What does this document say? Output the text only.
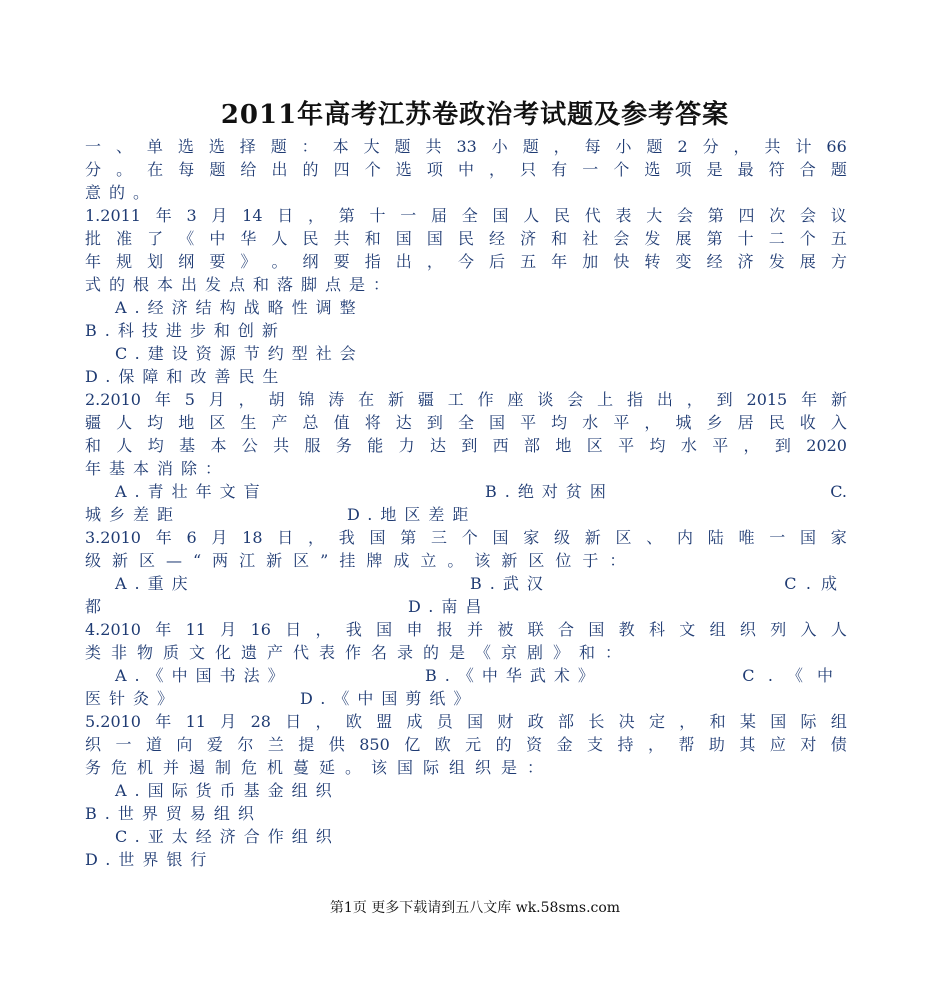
2011年高考江苏卷政治考试题及参考答案
一 、 单 选 选 择 题 ： 本 大 题 共 33 小 题 ， 每 小 题 2 分 ， 共 计 66
分 。 在 每 题 给 出 的 四 个 选 项 中 ， 只 有 一 个 选 项 是 最 符 合 题
意的。
1.2011 年 3 月 14 日 ， 第 十 一 届 全 国 人 民 代 表 大 会 第 四 次 会 议
批 准 了 《 中 华 人 民 共 和 国 国 民 经 济 和 社 会 发 展 第 十 二 个 五
年 规 划 纲 要 》 。 纲 要 指 出 ， 今 后 五 年 加 快 转 变 经 济 发 展 方
式的根本出发点和落脚点是：
A.经济结构战略性调整
B.科技进步和创新
C.建设资源节约型社会
D.保障和改善民生
2.2010 年 5 月 ， 胡 锦 涛 在 新 疆 工 作 座 谈 会 上 指 出 ， 到 2015 年 新
疆 人 均 地 区 生 产 总 值 将 达 到 全 国 平 均 水 平 ， 城 乡 居 民 收 入
和 人 均 基 本 公 共 服 务 能 力 达 到 西 部 地 区 平 均 水 平 ， 到 2020
年基本消除：
A.青壮年文盲	B.绝对贫困	C.
城乡差距	D.地区差距
3.2010 年 6 月 18 日 ， 我 国 第 三 个 国 家 级 新 区 、 内 陆 唯 一 国 家
级新区—“两江新区”挂牌成立。该新区位于：
A.重庆	B.武汉	C.成
都	D.南昌
4.2010 年 11 月 16 日 ， 我 国 申 报 并 被 联 合 国 教 科 文 组 织 列 入 人
类非物质文化遗产代表作名录的是《京剧》和：
A.《中国书法》	B.《中华武术》	C.《中
医针灸》	D.《中国剪纸》
5.2010 年 11 月 28 日 ， 欧 盟 成 员 国 财 政 部 长 决 定 ， 和 某 国 际 组
织 一 道 向 爱 尔 兰 提 供 850 亿 欧 元 的 资 金 支 持 ， 帮 助 其 应 对 债
务危机并遏制危机蔓延。该国际组织是：
A.国际货币基金组织
B.世界贸易组织
C.亚太经济合作组织
D.世界银行
第1页 更多下载请到五八文库 wk.58sms.com
